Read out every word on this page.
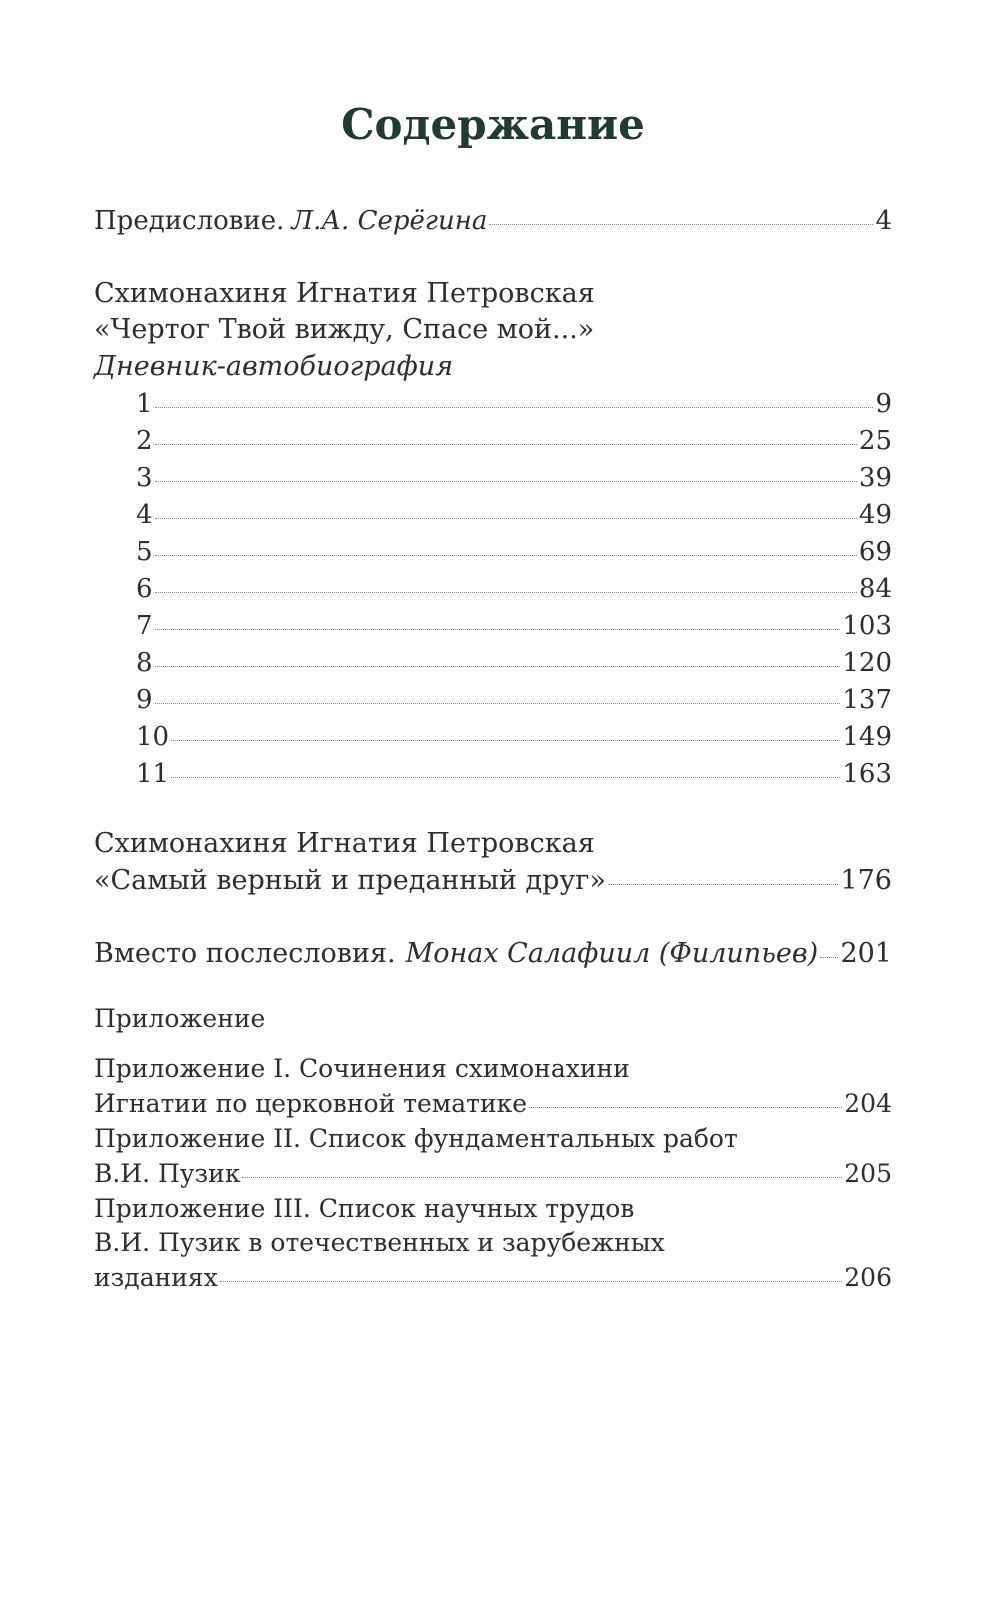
Содержание
Предисловие. Л.А. Серёгина	4
Схимонахиня Игнатия Петровская
«Чертог Твой вижду, Спасе мой...»
Дневник-автобиография
1	9
2	25
3	39
4	49
5	69
6	84
7	103
8	120
9	137
10	149
11	163
Схимонахиня Игнатия Петровская
«Самый верный и преданный друг»	176
Вместо послесловия. Монах Салафиил (Филипьев) 201
Приложение
Приложение I. Сочинения схимонахини
Игнатии по церковной тематике	204
Приложение II. Список фундаментальных работ
В.И. Пузик	205
Приложение III. Список научных трудов
В.И. Пузик в отечественных и зарубежных
изданиях	206
